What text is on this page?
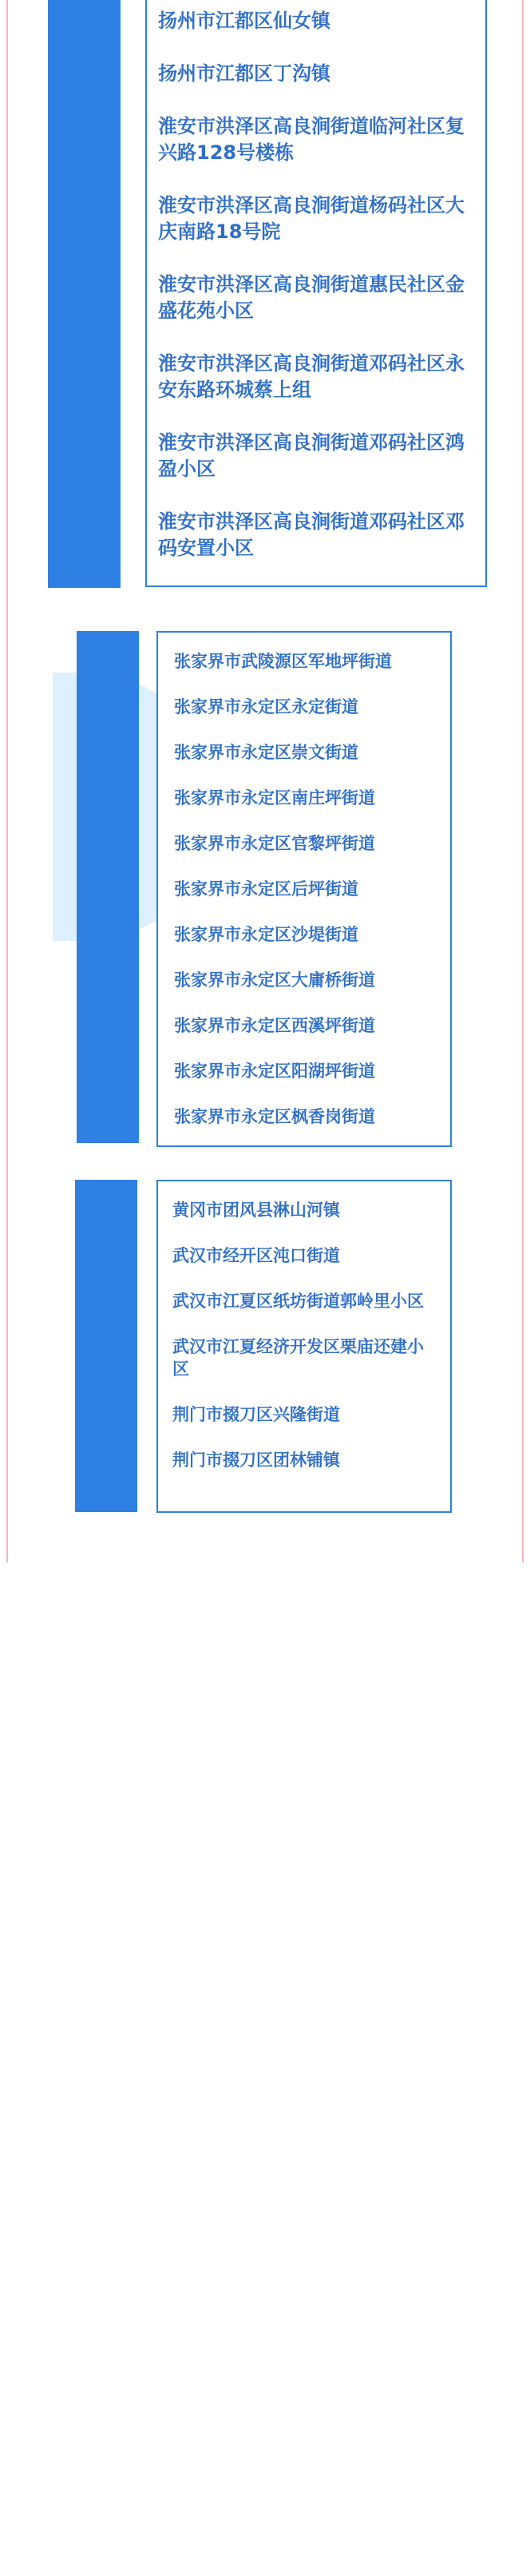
扬州市江都区仙女镇
扬州市江都区丁沟镇
淮安市洪泽区高良涧街道临河社区复兴路128号楼栋
淮安市洪泽区高良涧街道杨码社区大庆南路18号院
淮安市洪泽区高良涧街道惠民社区金盛花苑小区
淮安市洪泽区高良涧街道邓码社区永安东路环城蔡上组
淮安市洪泽区高良涧街道邓码社区鸿盈小区
淮安市洪泽区高良涧街道邓码社区邓码安置小区
省
（11个）
张家界市武陵源区军地坪街道
张家界市永定区永定街道
张家界市永定区崇文街道
张家界市永定区南庄坪街道
张家界市永定区官黎坪街道
张家界市永定区后坪街道
张家界市永定区沙堤街道
张家界市永定区大庸桥街道
张家界市永定区西溪坪街道
张家界市永定区阳湖坪街道
张家界市永定区枫香岗街道
湖
北
省
（6个）
黄冈市团风县淋山河镇
武汉市经开区沌口街道
武汉市江夏区纸坊街道郭岭里小区
武汉市江夏经济开发区栗庙还建小区
荆门市掇刀区兴隆街道
荆门市掇刀区团林铺镇
